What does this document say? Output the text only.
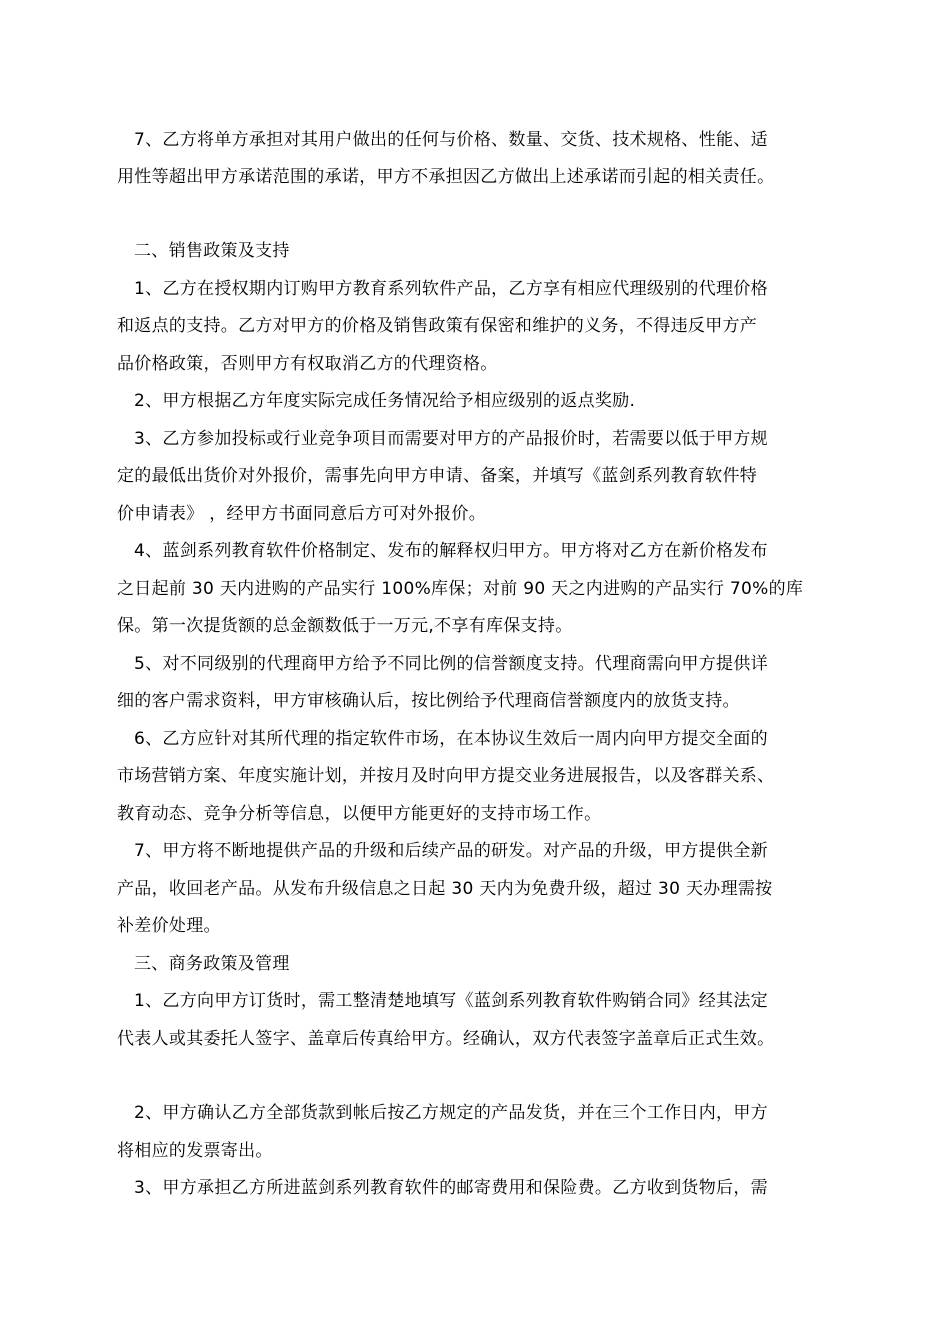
7、乙方将单方承担对其用户做出的任何与价格、数量、交货、技术规格、性能、适
用性等超出甲方承诺范围的承诺，甲方不承担因乙方做出上述承诺而引起的相关责任。
二、销售政策及支持
1、乙方在授权期内订购甲方教育系列软件产品，乙方享有相应代理级别的代理价格
和返点的支持。乙方对甲方的价格及销售政策有保密和维护的义务，不得违反甲方产
品价格政策，否则甲方有权取消乙方的代理资格。
2、甲方根据乙方年度实际完成任务情况给予相应级别的返点奖励.
3、乙方参加投标或行业竞争项目而需要对甲方的产品报价时，若需要以低于甲方规
定的最低出货价对外报价，需事先向甲方申请、备案，并填写《蓝剑系列教育软件特
价申请表》 ，经甲方书面同意后方可对外报价。
4、蓝剑系列教育软件价格制定、发布的解释权归甲方。甲方将对乙方在新价格发布
之日起前 30 天内进购的产品实行 100%库保；对前 90 天之内进购的产品实行 70%的库
保。第一次提货额的总金额数低于一万元,不享有库保支持。
5、对不同级别的代理商甲方给予不同比例的信誉额度支持。代理商需向甲方提供详
细的客户需求资料，甲方审核确认后，按比例给予代理商信誉额度内的放货支持。
6、乙方应针对其所代理的指定软件市场，在本协议生效后一周内向甲方提交全面的
市场营销方案、年度实施计划，并按月及时向甲方提交业务进展报告，以及客群关系、
教育动态、竞争分析等信息，以便甲方能更好的支持市场工作。
7、甲方将不断地提供产品的升级和后续产品的研发。对产品的升级，甲方提供全新
产品，收回老产品。从发布升级信息之日起 30 天内为免费升级，超过 30 天办理需按
补差价处理。
三、商务政策及管理
1、乙方向甲方订货时，需工整清楚地填写《蓝剑系列教育软件购销合同》经其法定
代表人或其委托人签字、盖章后传真给甲方。经确认，双方代表签字盖章后正式生效。
2、甲方确认乙方全部货款到帐后按乙方规定的产品发货，并在三个工作日内，甲方
将相应的发票寄出。
3、甲方承担乙方所进蓝剑系列教育软件的邮寄费用和保险费。乙方收到货物后，需
